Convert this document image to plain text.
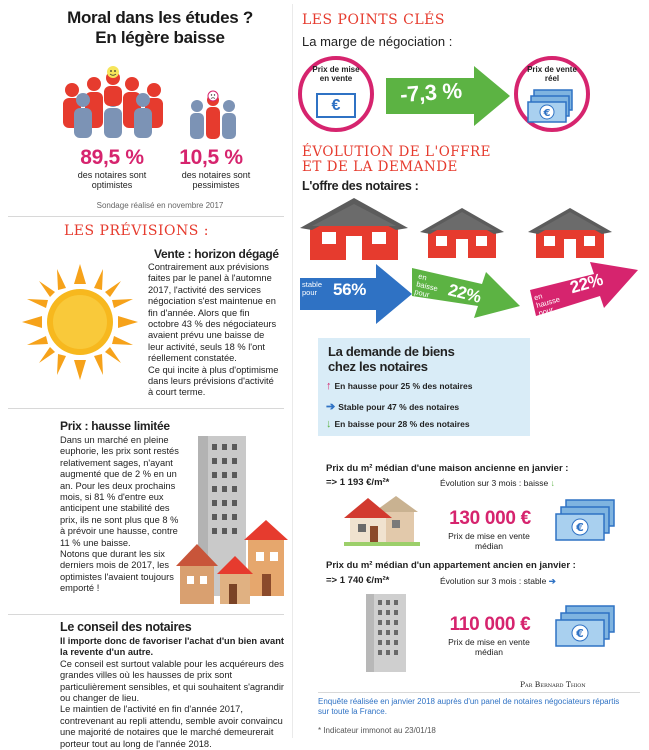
Moral dans les études ?
En légère baisse
89,5 %
des notaires sont optimistes
10,5 %
des notaires sont pessimistes
Sondage réalisé en novembre 2017
LES PRÉVISIONS :
Vente : horizon dégagé
Contrairement aux prévisions faites par le panel à l'automne 2017, l'activité des services négociation s'est maintenue en fin d'année. Alors que fin octobre 43 % des négociateurs avaient prévu une baisse de leur activité, seuls 18 % l'ont réellement constatée.
Ce qui incite à plus d'optimisme dans leurs prévisions d'activité à court terme.
Prix : hausse limitée
Dans un marché en pleine euphorie, les prix sont restés relativement sages, n'ayant augmenté que de 2 % en un an. Pour les deux prochains mois, si 81 % d'entre eux anticipent une stabilité des prix, ils ne sont plus que 8 % à prévoir une hausse, contre 11 % une baisse.
Notons que durant les six derniers mois de 2017, les optimistes l'avaient toujours emporté !
Le conseil des notaires
Il importe donc de favoriser l'achat d'un bien avant la revente d'un autre.
Ce conseil est surtout valable pour les acquéreurs des grandes villes où les hausses de prix sont particulièrement sensibles, et qui souhaitent s'agrandir ou changer de lieu.
Le maintien de l'activité en fin d'année 2017, contrevenant au repli attendu, semble avoir convaincu une majorité de notaires que le marché demeurerait porteur tout au long de l'année 2018.
LES POINTS CLÉS
La marge de négociation :
Prix de mise en vente
€	-7,3 %
Prix de vente réel
€
ÉVOLUTION DE L'OFFRE
ET DE LA DEMANDE
L'offre des notaires :
stable pour 56%
en baisse pour 22%	en hausse pour
22%
La demande de biens
chez les notaires
↑ En hausse pour 25 % des notaires
➔ Stable pour 47 % des notaires
↓ En baisse pour 28 % des notaires
Prix du m² médian d'une maison ancienne en janvier :
=> 1 193 €/m²*	Évolution sur 3 mois : baisse ↓
130 000 €
Prix de mise en vente médian
€
Prix du m² médian d'un appartement ancien en janvier :
=> 1 740 €/m²*	Évolution sur 3 mois : stable ➔
110 000 €
Prix de mise en vente médian
€
Par Bernard Thion
Enquête réalisée en janvier 2018 auprès d'un panel de notaires négociateurs répartis sur toute la France.
* Indicateur immonot au 23/01/18
